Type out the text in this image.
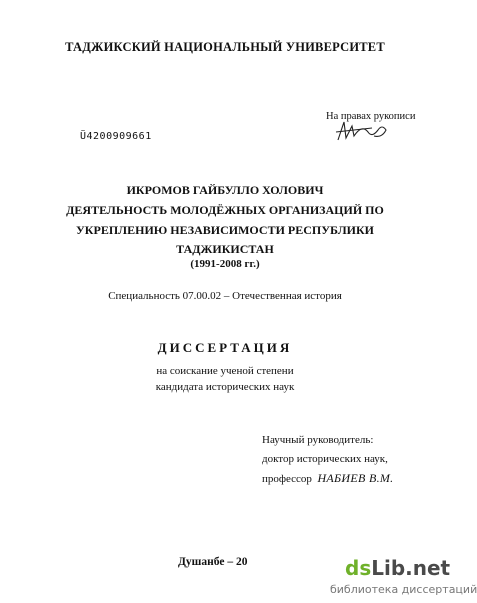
ТАДЖИКСКИЙ НАЦИОНАЛЬНЫЙ УНИВЕРСИТЕТ
На правах рукописи
Ü4200909661
ИКРОМОВ ГАЙБУЛЛО ХОЛОВИЧ
ДЕЯТЕЛЬНОСТЬ МОЛОДЁЖНЫХ ОРГАНИЗАЦИЙ ПО
УКРЕПЛЕНИЮ НЕЗАВИСИМОСТИ РЕСПУБЛИКИ
ТАДЖИКИСТАН
(1991-2008 гг.)
Специальность 07.00.02 – Отечественная история
ДИССЕРТАЦИЯ
на соискание ученой степени
кандидата исторических наук
Научный руководитель:
доктор исторических наук,
профессор НАБИЕВ В.М.
Душанбе – 20	dsLib.net
библиотека диссертаций
